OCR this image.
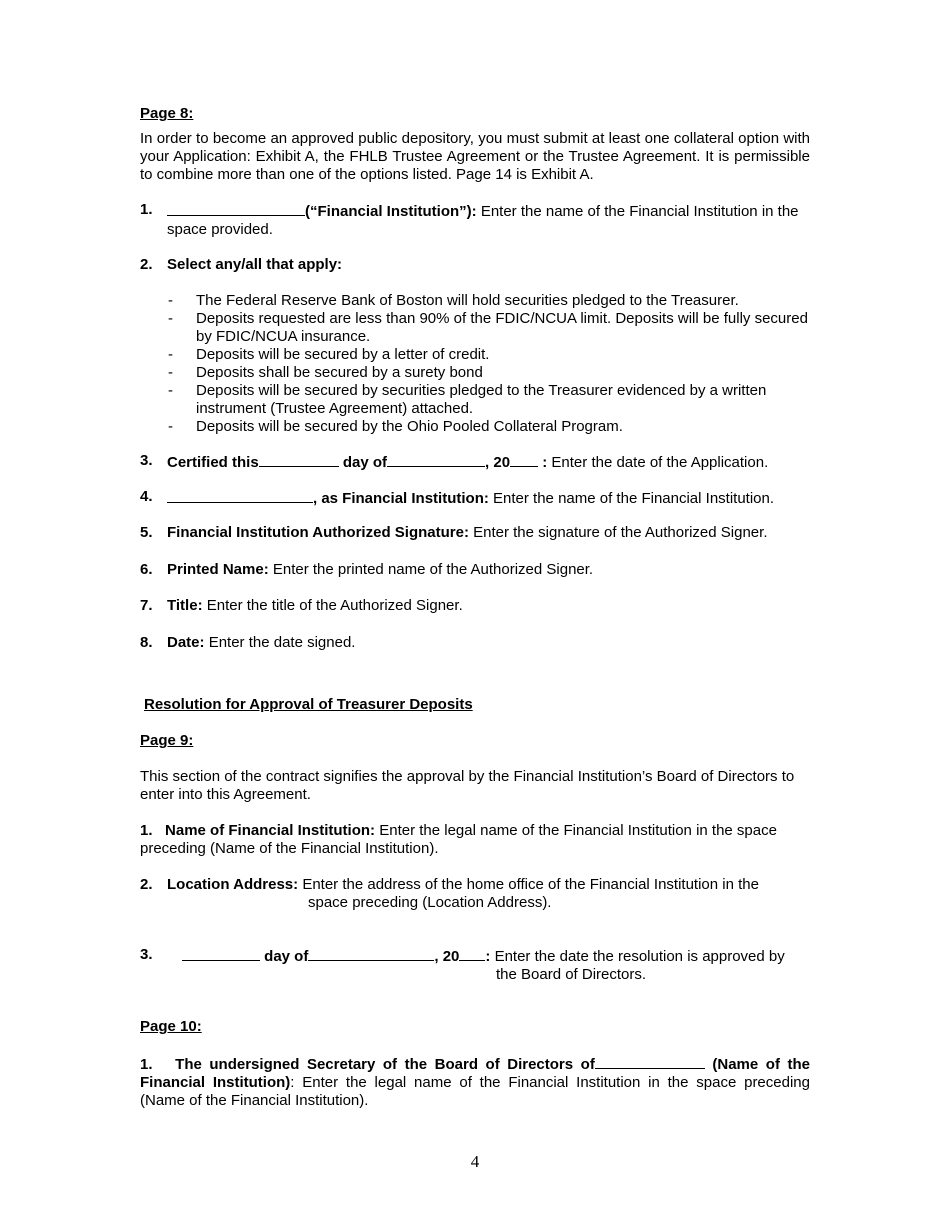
Page 8:
In order to become an approved public depository, you must submit at least one collateral option with your Application: Exhibit A, the FHLB Trustee Agreement or the Trustee Agreement. It is permissible to combine more than one of the options listed. Page 14 is Exhibit A.
1.	(“Financial Institution”): Enter the name of the Financial Institution in the space provided.
2. Select any/all that apply:
- The Federal Reserve Bank of Boston will hold securities pledged to the Treasurer.
- Deposits requested are less than 90% of the FDIC/NCUA limit. Deposits will be fully secured by FDIC/NCUA insurance.
- Deposits will be secured by a letter of credit.
- Deposits shall be secured by a surety bond
- Deposits will be secured by securities pledged to the Treasurer evidenced by a written instrument (Trustee Agreement) attached.
- Deposits will be secured by the Ohio Pooled Collateral Program.
3. Certified this	day of	, 20 : Enter the date of the Application.
4.	, as Financial Institution: Enter the name of the Financial Institution.
5. Financial Institution Authorized Signature: Enter the signature of the Authorized Signer.
6. Printed Name: Enter the printed name of the Authorized Signer.
7. Title: Enter the title of the Authorized Signer.
8. Date: Enter the date signed.
Resolution for Approval of Treasurer Deposits
Page 9:
This section of the contract signifies the approval by the Financial Institution’s Board of Directors to enter into this Agreement.
1. Name of Financial Institution: Enter the legal name of the Financial Institution in the space preceding (Name of the Financial Institution).
2. Location Address: Enter the address of the home office of the Financial Institution in the
space preceding (Location Address).
3.	day of	, 20 : Enter the date the resolution is approved by
the Board of Directors.
Page 10:
1. The undersigned Secretary of the Board of Directors of	(Name of the Financial Institution): Enter the legal name of the Financial Institution in the space preceding (Name of the Financial Institution).
4
